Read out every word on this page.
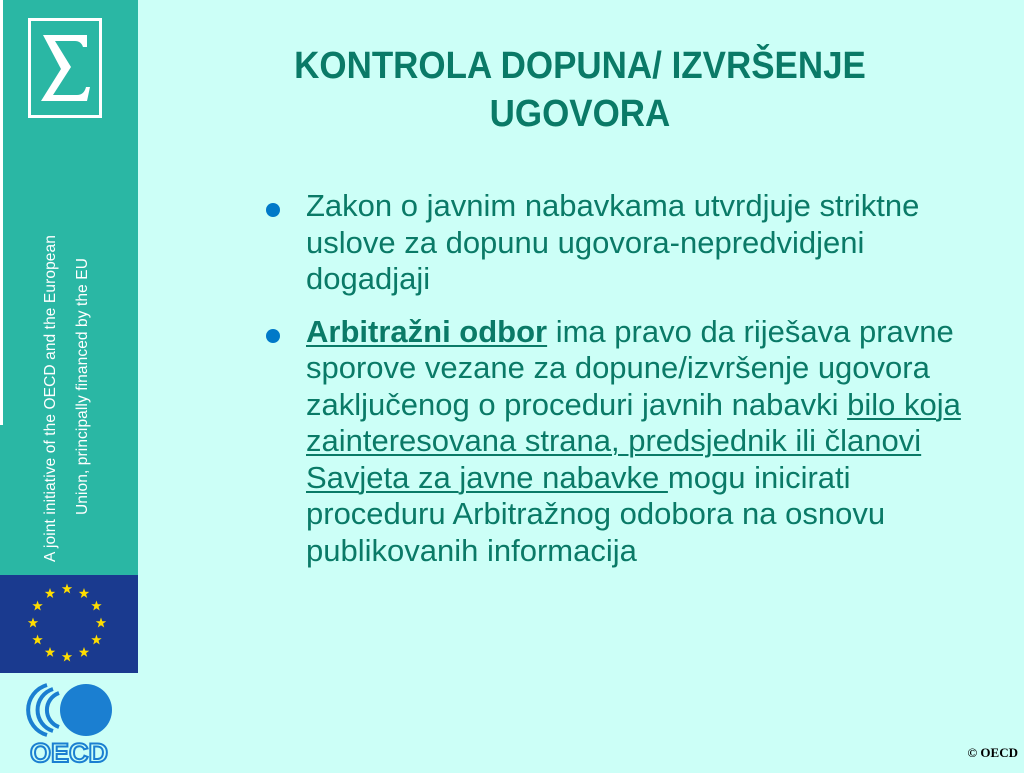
A joint initiative of the OECD and the European Union, principally financed by the EU
OECD
KONTROLA DOPUNA/ IZVRŠENJE
UGOVORA
Zakon o javnim nabavkama utvrdjuje striktne uslove za dopunu ugovora-nepredvidjeni dogadjaji
Arbitražni odbor ima pravo da riješava pravne sporove vezane za dopune/izvršenje ugovora zaključenog o proceduri javnih nabavki bilo koja zainteresovana strana, predsjednik ili članovi Savjeta za javne nabavke mogu inicirati proceduru Arbitražnog odobora na osnovu publikovanih informacija
© OECD
